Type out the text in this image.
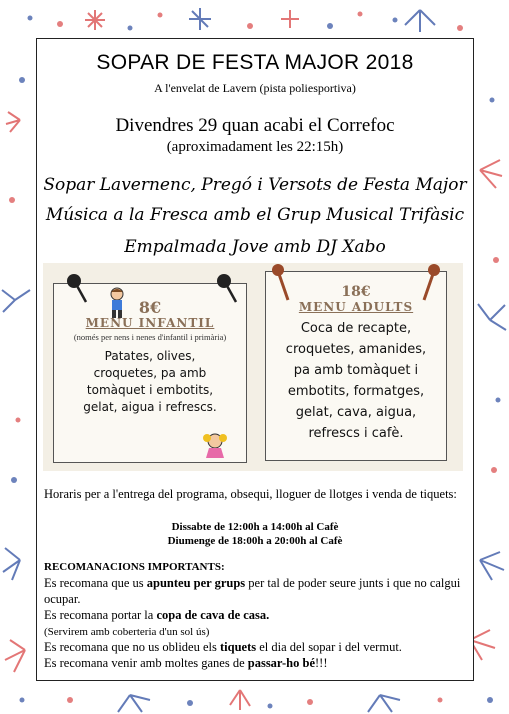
SOPAR DE FESTA MAJOR 2018
A l'envelat de Lavern (pista poliesportiva)
Divendres 29 quan acabi el Correfoc
(aproximadament les 22:15h)
Sopar Lavernenc, Pregó i Versots de Festa Major
Música a la Fresca amb el Grup Musical Trifàsic
Empalmada Jove amb DJ Xabo
8€
MENU INFANTIL
(només per nens i nenes d'infantil i primària)
Patates, olives,
croquetes, pa amb
tomàquet i embotits,
gelat, aigua i refrescs.
18€
MENU ADULTS
Coca de recapte,
croquetes, amanides,
pa amb tomàquet i
embotits, formatges,
gelat, cava, aigua,
refrescs i cafè.
Horaris per a l'entrega del programa, obsequi, lloguer de llotges i venda de tiquets:
Dissabte de 12:00h a 14:00h al Cafè
Diumenge de 18:00h a 20:00h al Cafè
RECOMANACIONS IMPORTANTS:
Es recomana que us apunteu per grups per tal de poder seure junts i que no calgui ocupar.
Es recomana portar la copa de cava de casa.
(Servirem amb coberteria d'un sol ús)
Es recomana que no us oblideu els tiquets el dia del sopar i del vermut.
Es recomana venir amb moltes ganes de passar-ho bé!!!
